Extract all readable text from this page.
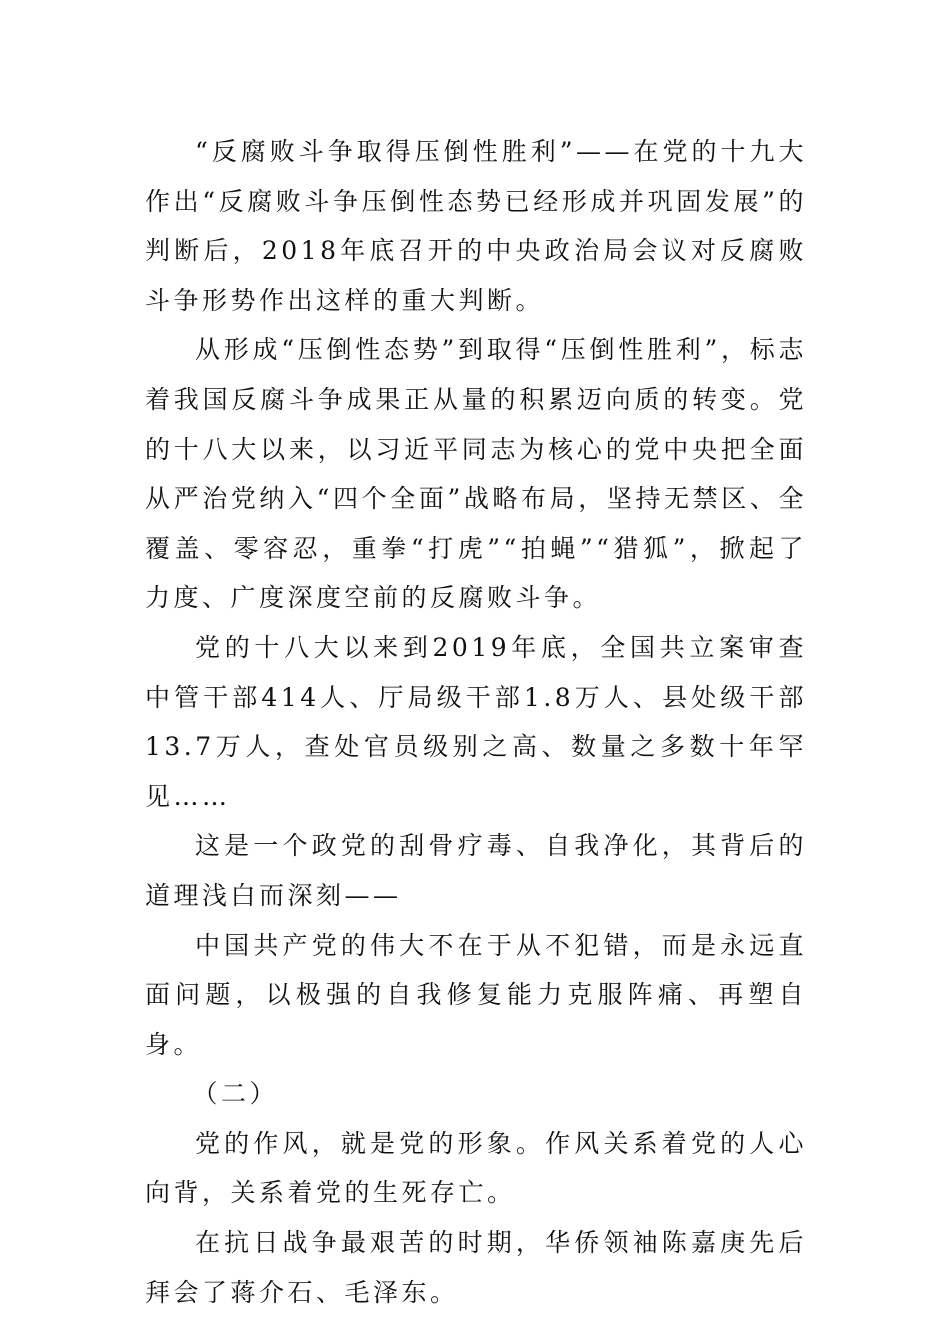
“反腐败斗争取得压倒性胜利”——在党的十九大作出“反腐败斗争压倒性态势已经形成并巩固发展”的判断后，2018年底召开的中央政治局会议对反腐败斗争形势作出这样的重大判断。

从形成“压倒性态势”到取得“压倒性胜利”，标志着我国反腐斗争成果正从量的积累迈向质的转变。党的十八大以来，以习近平同志为核心的党中央把全面从严治党纳入“四个全面”战略布局，坚持无禁区、全覆盖、零容忍，重拳“打虎”“拍蝇”“猎狐”，掀起了力度、广度深度空前的反腐败斗争。

党的十八大以来到2019年底，全国共立案审查中管干部414人、厅局级干部1.8万人、县处级干部13.7万人，查处官员级别之高、数量之多数十年罕见……

这是一个政党的刮骨疗毒、自我净化，其背后的道理浅白而深刻——

中国共产党的伟大不在于从不犯错，而是永远直面问题，以极强的自我修复能力克服阵痛、再塑自身。

（二）

党的作风，就是党的形象。作风关系着党的人心向背，关系着党的生死存亡。

在抗日战争最艰苦的时期，华侨领袖陈嘉庚先后拜会了蒋介石、毛泽东。
